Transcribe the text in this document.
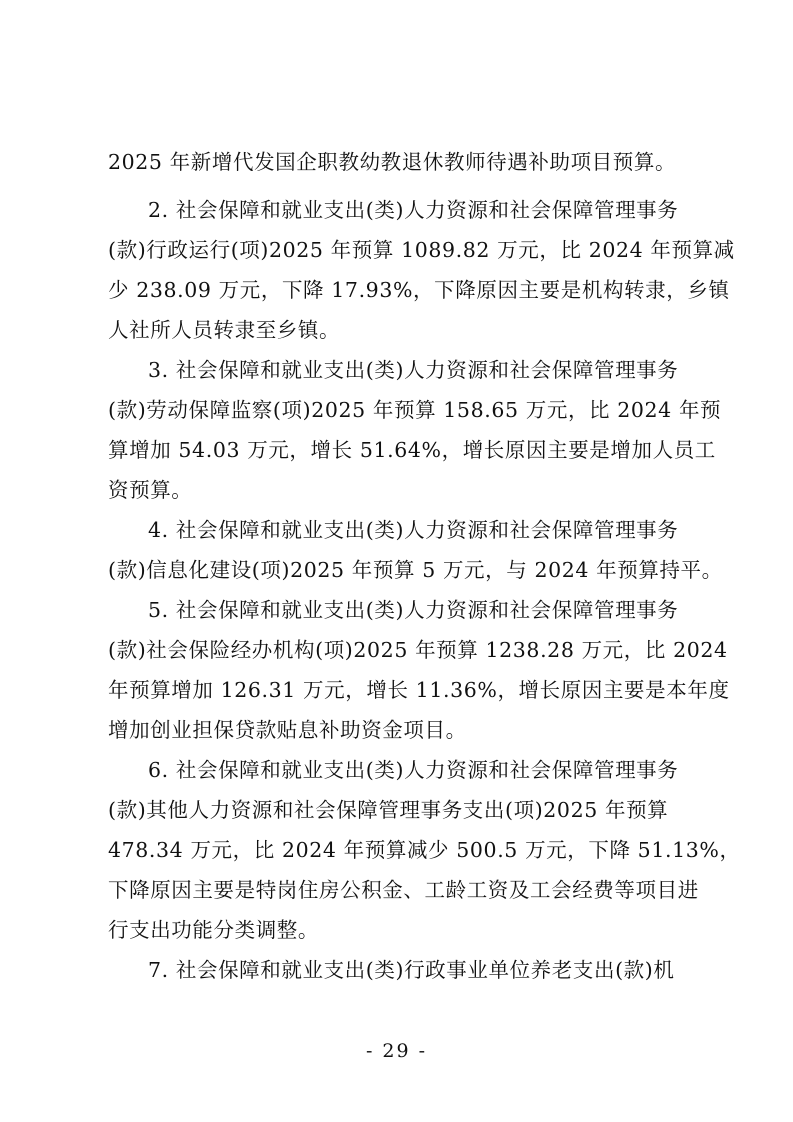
2025 年新增代发国企职教幼教退休教师待遇补助项目预算。
2. 社会保障和就业支出(类)人力资源和社会保障管理事务
(款)行政运行(项)2025 年预算 1089.82 万元，比 2024 年预算减
少 238.09 万元，下降 17.93%，下降原因主要是机构转隶，乡镇
人社所人员转隶至乡镇。
3. 社会保障和就业支出(类)人力资源和社会保障管理事务
(款)劳动保障监察(项)2025 年预算 158.65 万元，比 2024 年预
算增加 54.03 万元，增长 51.64%，增长原因主要是增加人员工
资预算。
4. 社会保障和就业支出(类)人力资源和社会保障管理事务
(款)信息化建设(项)2025 年预算 5 万元，与 2024 年预算持平。
5. 社会保障和就业支出(类)人力资源和社会保障管理事务
(款)社会保险经办机构(项)2025 年预算 1238.28 万元，比 2024
年预算增加 126.31 万元，增长 11.36%，增长原因主要是本年度
增加创业担保贷款贴息补助资金项目。
6. 社会保障和就业支出(类)人力资源和社会保障管理事务
(款)其他人力资源和社会保障管理事务支出(项)2025 年预算
478.34 万元，比 2024 年预算减少 500.5 万元，下降 51.13%，
下降原因主要是特岗住房公积金、工龄工资及工会经费等项目进
行支出功能分类调整。
7. 社会保障和就业支出(类)行政事业单位养老支出(款)机
- 29 -
